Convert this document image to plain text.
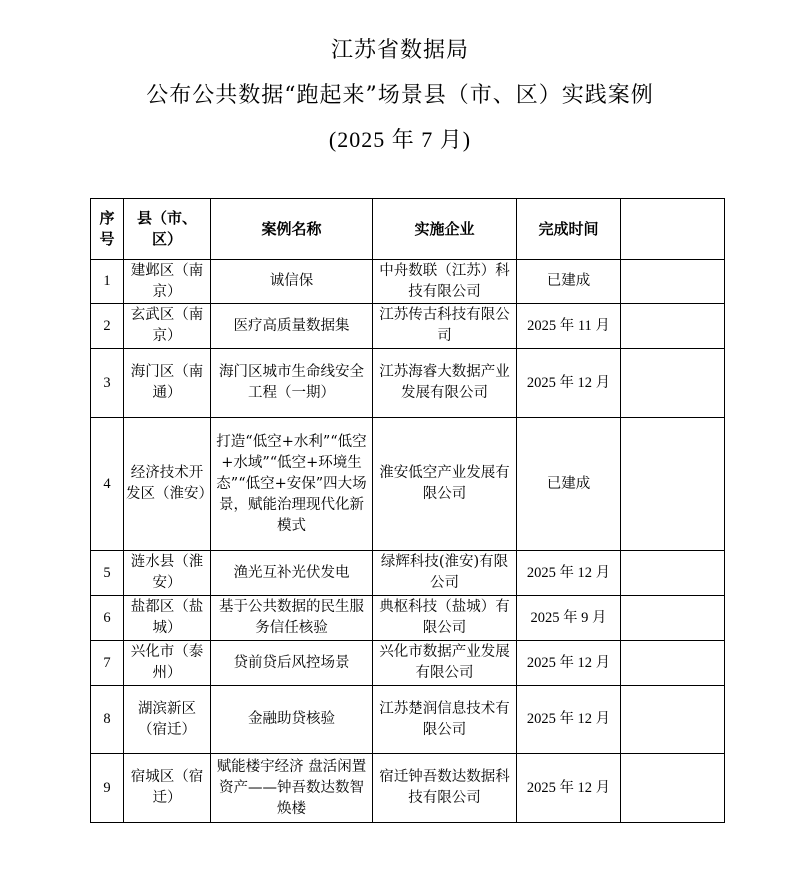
江苏省数据局
公布公共数据“跑起来”场景县（市、区）实践案例
(2025 年 7 月)
序号	县（市、区）	案例名称	实施企业	完成时间	
1	建邺区（南京）	诚信保	中舟数联（江苏）科技有限公司	已建成	
2	玄武区（南京）	医疗高质量数据集	江苏传古科技有限公司	2025 年 11 月	
3	海门区（南通）	海门区城市生命线安全工程（一期）	江苏海睿大数据产业发展有限公司	2025 年 12 月	
4	经济技术开发区（淮安）	打造“低空+水利”“低空+水域”“低空+环境生态”“低空+安保”四大场景，赋能治理现代化新模式	淮安低空产业发展有限公司	已建成	
5	涟水县（淮安）	渔光互补光伏发电	绿辉科技(淮安)有限公司	2025 年 12 月	
6	盐都区（盐城）	基于公共数据的民生服务信任核验	典枢科技（盐城）有限公司	2025 年 9 月	
7	兴化市（泰州）	贷前贷后风控场景	兴化市数据产业发展有限公司	2025 年 12 月	
8	湖滨新区（宿迁）	金融助贷核验	江苏楚润信息技术有限公司	2025 年 12 月	
9	宿城区（宿迁）	赋能楼宇经济 盘活闲置资产——钟吾数达数智焕楼	宿迁钟吾数达数据科技有限公司	2025 年 12 月	
